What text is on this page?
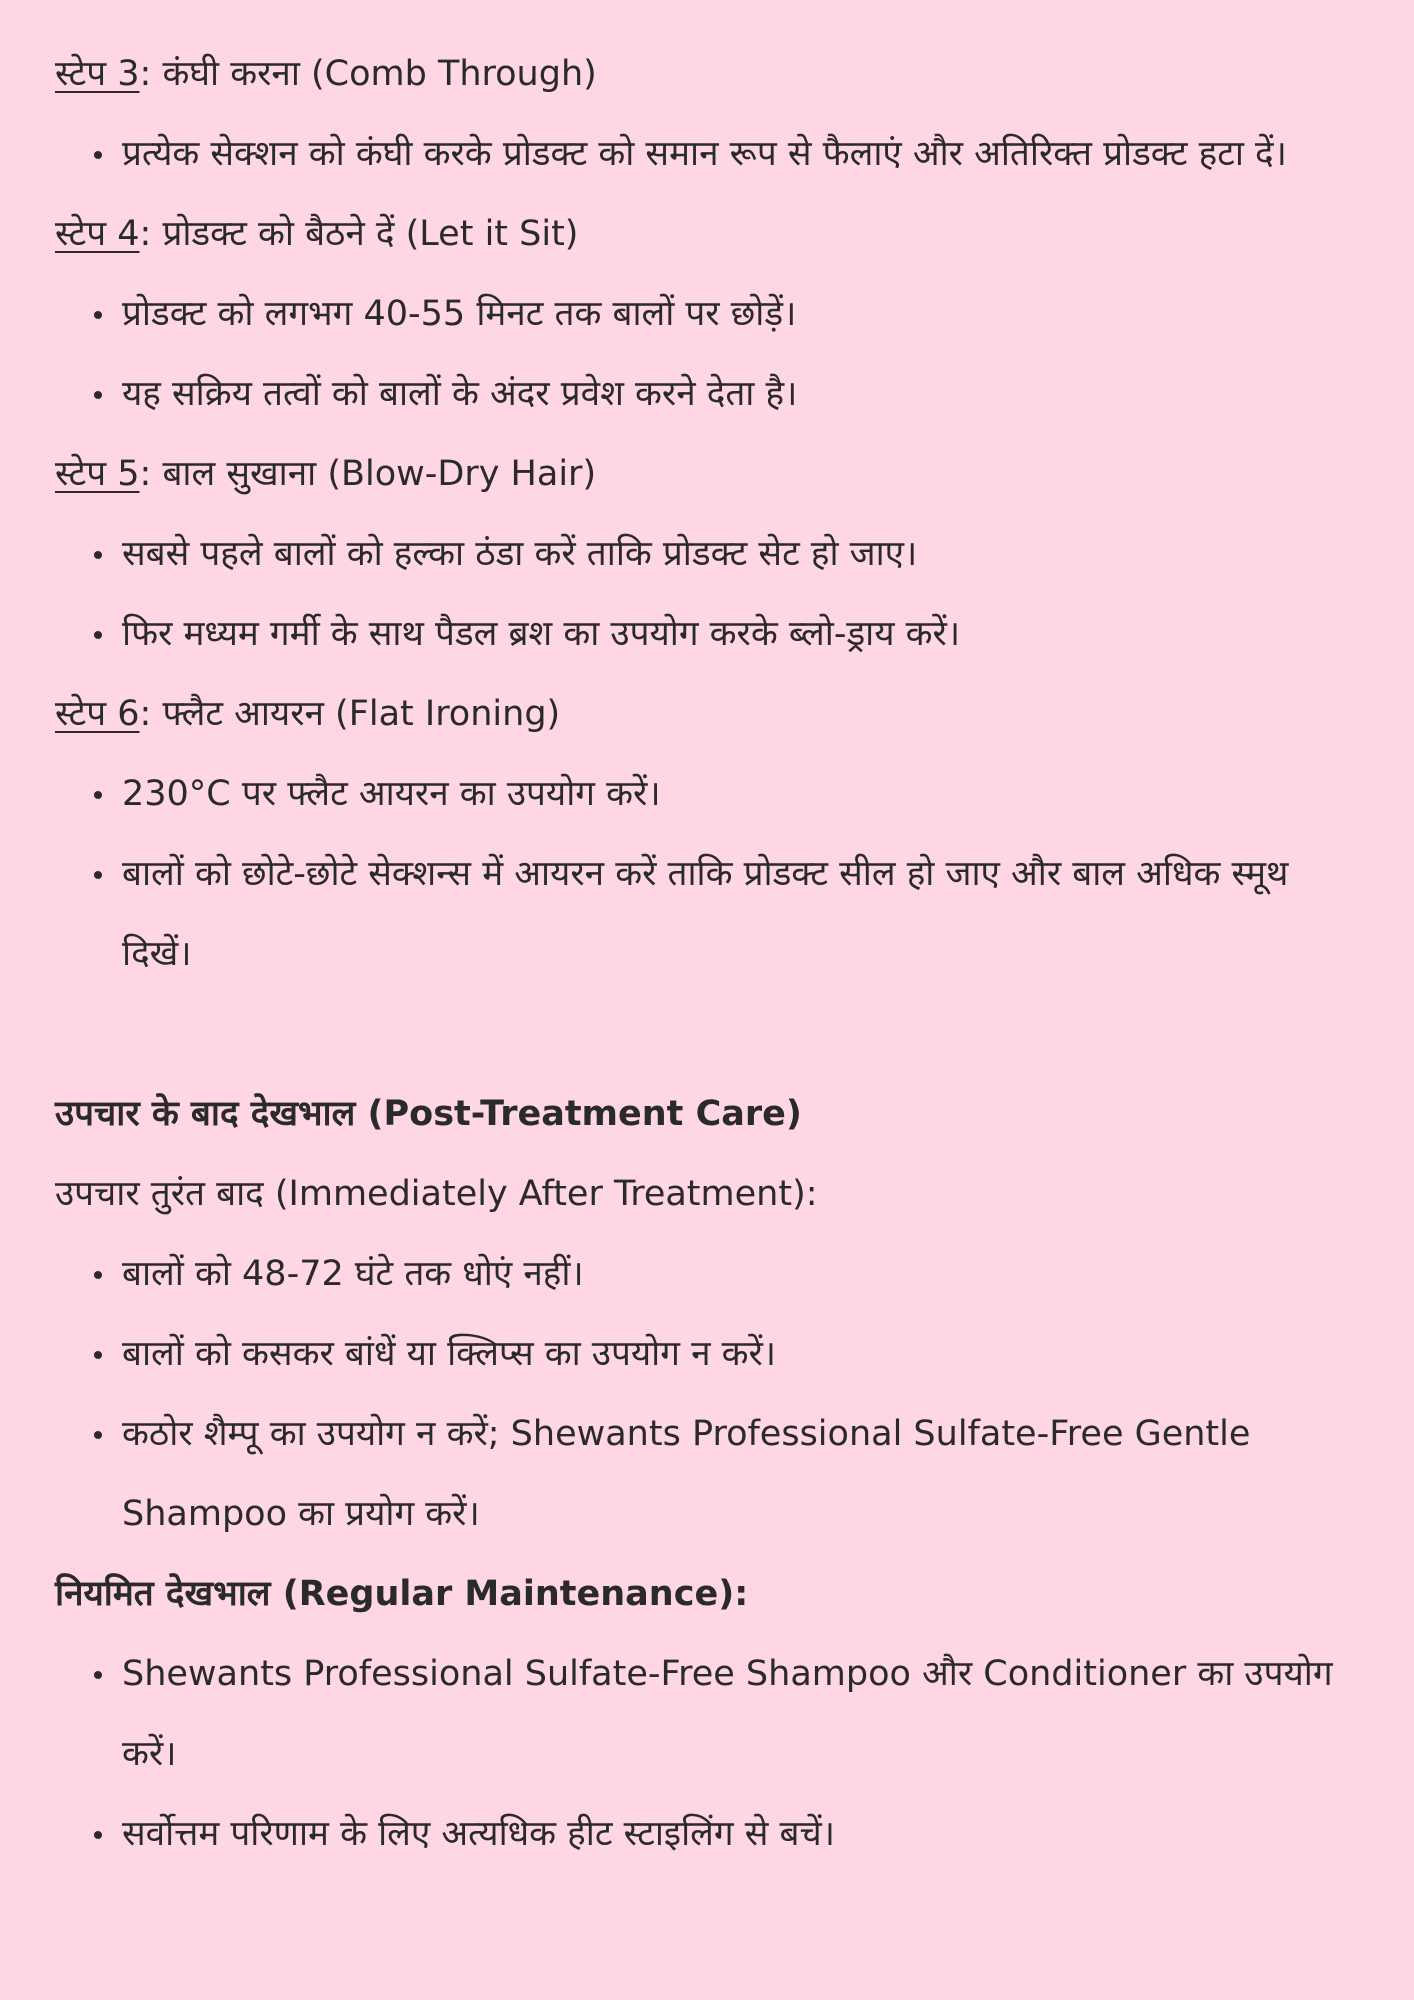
स्टेप 3: कंघी करना (Comb Through)

प्रत्येक सेक्शन को कंघी करके प्रोडक्ट को समान रूप से फैलाएं और अतिरिक्त प्रोडक्ट हटा दें।

स्टेप 4: प्रोडक्ट को बैठने दें (Let it Sit)

प्रोडक्ट को लगभग 40-55 मिनट तक बालों पर छोड़ें।
यह सक्रिय तत्वों को बालों के अंदर प्रवेश करने देता है।

स्टेप 5: बाल सुखाना (Blow-Dry Hair)

सबसे पहले बालों को हल्का ठंडा करें ताकि प्रोडक्ट सेट हो जाए।
फिर मध्यम गर्मी के साथ पैडल ब्रश का उपयोग करके ब्लो-ड्राय करें।

स्टेप 6: फ्लैट आयरन (Flat Ironing)

230°C पर फ्लैट आयरन का उपयोग करें।
बालों को छोटे-छोटे सेक्शन्स में आयरन करें ताकि प्रोडक्ट सील हो जाए और बाल अधिक स्मूथ दिखें।

उपचार के बाद देखभाल (Post-Treatment Care)

उपचार तुरंत बाद (Immediately After Treatment):

बालों को 48-72 घंटे तक धोएं नहीं।
बालों को कसकर बांधें या क्लिप्स का उपयोग न करें।
कठोर शैम्पू का उपयोग न करें; Shewants Professional Sulfate-Free Gentle Shampoo का प्रयोग करें।

नियमित देखभाल (Regular Maintenance):

Shewants Professional Sulfate-Free Shampoo और Conditioner का उपयोग करें।
सर्वोत्तम परिणाम के लिए अत्यधिक हीट स्टाइलिंग से बचें।
